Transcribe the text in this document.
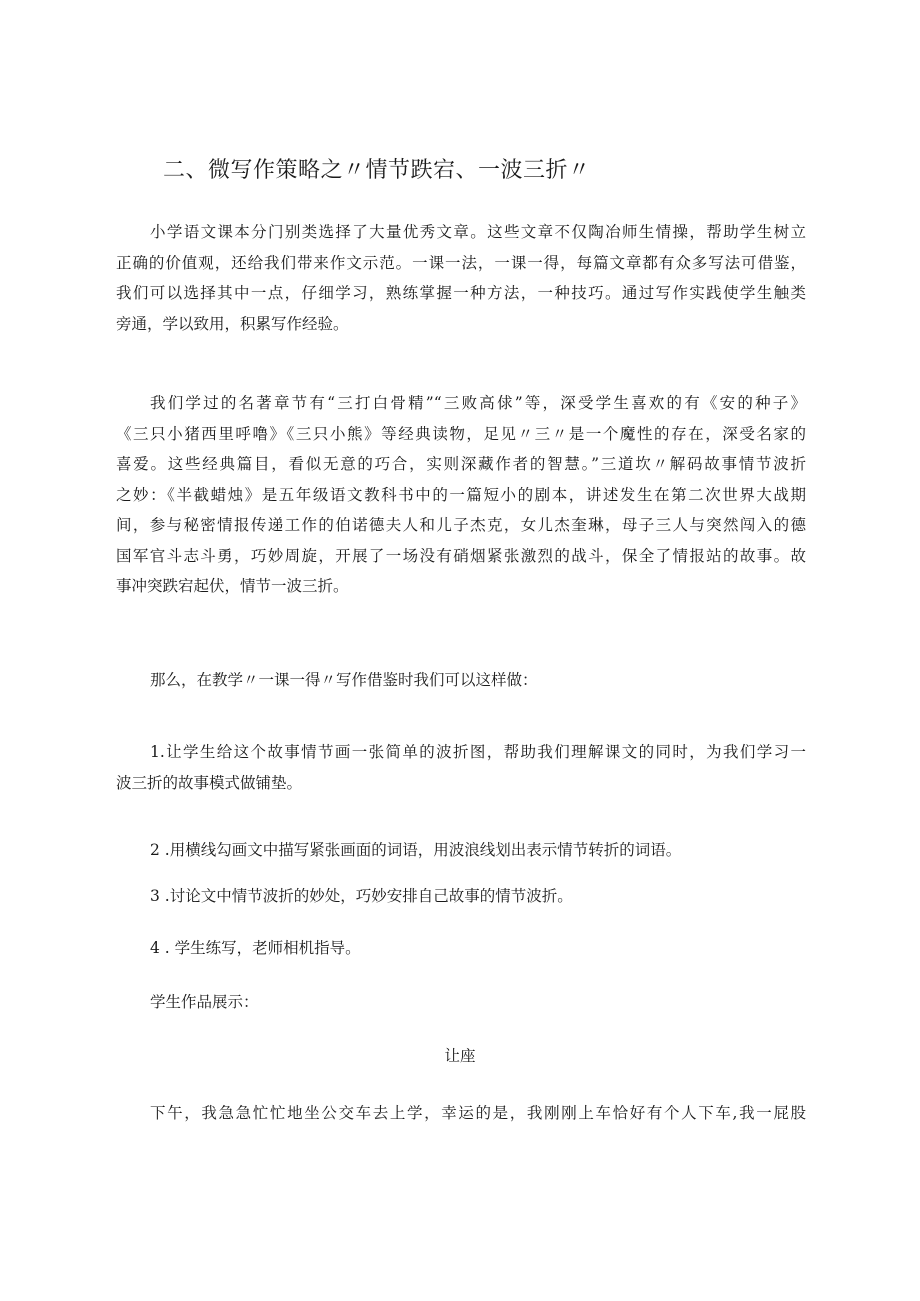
二、微写作策略之〃情节跌宕、一波三折〃
小学语文课本分门别类选择了大量优秀文章。这些文章不仅陶冶师生情操，帮助学生树立
正确的价值观，还给我们带来作文示范。一课一法，一课一得，每篇文章都有众多写法可借鉴，
我们可以选择其中一点，仔细学习，熟练掌握一种方法，一种技巧。通过写作实践使学生触类
旁通，学以致用，积累写作经验。
我们学过的名著章节有“三打白骨精”“三败高俅”等，深受学生喜欢的有《安的种子》
《三只小猪西里呼噜》《三只小熊》等经典读物，足见〃三〃是一个魔性的存在，深受名家的
喜爱。这些经典篇目，看似无意的巧合，实则深藏作者的智慧。”三道坎〃解码故事情节波折
之妙：《半截蜡烛》是五年级语文教科书中的一篇短小的剧本，讲述发生在第二次世界大战期
间，参与秘密情报传递工作的伯诺德夫人和儿子杰克，女儿杰奎琳，母子三人与突然闯入的德
国军官斗志斗勇，巧妙周旋，开展了一场没有硝烟紧张激烈的战斗，保全了情报站的故事。故
事冲突跌宕起伏，情节一波三折。
那么，在教学〃一课一得〃写作借鉴时我们可以这样做：
1.让学生给这个故事情节画一张简单的波折图，帮助我们理解课文的同时，为我们学习一
波三折的故事模式做铺垫。
2 .用横线勾画文中描写紧张画面的词语，用波浪线划出表示情节转折的词语。
3 .讨论文中情节波折的妙处，巧妙安排自己故事的情节波折。
4 . 学生练写，老师相机指导。
学生作品展示：
让座
下午，我急急忙忙地坐公交车去上学，幸运的是，我刚刚上车恰好有个人下车,我一屁股
